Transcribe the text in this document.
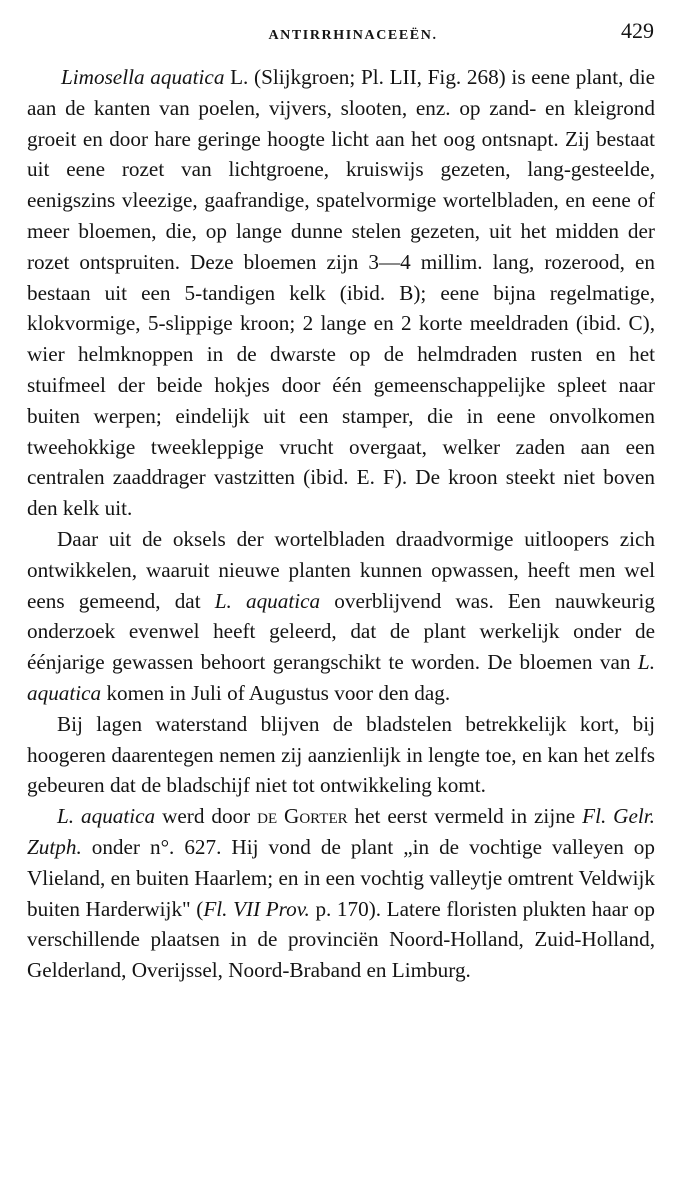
ANTIRRHINACEEËN.	429

Limosella aquatica L. (Slijkgroen; Pl. LII, Fig. 268) is eene plant, die aan de kanten van poelen, vijvers, slooten, enz. op zand- en kleigrond groeit en door hare geringe hoogte licht aan het oog ontsnapt. Zij bestaat uit eene rozet van lichtgroene, kruiswijs gezeten, lang-gesteelde, eenigszins vleezige, gaafrandige, spatelvormige wortelbladen, en eene of meer bloemen, die, op lange dunne stelen gezeten, uit het midden der rozet ontspruiten. Deze bloemen zijn 3—4 millim. lang, rozerood, en bestaan uit een 5-tandigen kelk (ibid. B); eene bijna regelmatige, klokvormige, 5-slippige kroon; 2 lange en 2 korte meeldraden (ibid. C), wier helmknoppen in de dwarste op de helmdraden rusten en het stuifmeel der beide hokjes door één gemeenschappelijke spleet naar buiten werpen; eindelijk uit een stamper, die in eene onvolkomen tweehokkige tweekleppige vrucht overgaat, welker zaden aan een centralen zaaddrager vastzitten (ibid. E. F). De kroon steekt niet boven den kelk uit.

Daar uit de oksels der wortelbladen draadvormige uitloopers zich ontwikkelen, waaruit nieuwe planten kunnen opwassen, heeft men wel eens gemeend, dat L. aquatica overblijvend was. Een nauwkeurig onderzoek evenwel heeft geleerd, dat de plant werkelijk onder de éénjarige gewassen behoort gerangschikt te worden. De bloemen van L. aquatica komen in Juli of Augustus voor den dag.

Bij lagen waterstand blijven de bladstelen betrekkelijk kort, bij hoogeren daarentegen nemen zij aanzienlijk in lengte toe, en kan het zelfs gebeuren dat de bladschijf niet tot ontwikkeling komt.

L. aquatica werd door de Gorter het eerst vermeld in zijne Fl. Gelr. Zutph. onder n°. 627. Hij vond de plant „in de vochtige valleyen op Vlieland, en buiten Haarlem; en in een vochtig valleytje omtrent Veldwijk buiten Harderwijk" (Fl. VII Prov. p. 170). Latere floristen plukten haar op verschillende plaatsen in de provinciën Noord-Holland, Zuid-Holland, Gelderland, Overijssel, Noord-Braband en Limburg.
